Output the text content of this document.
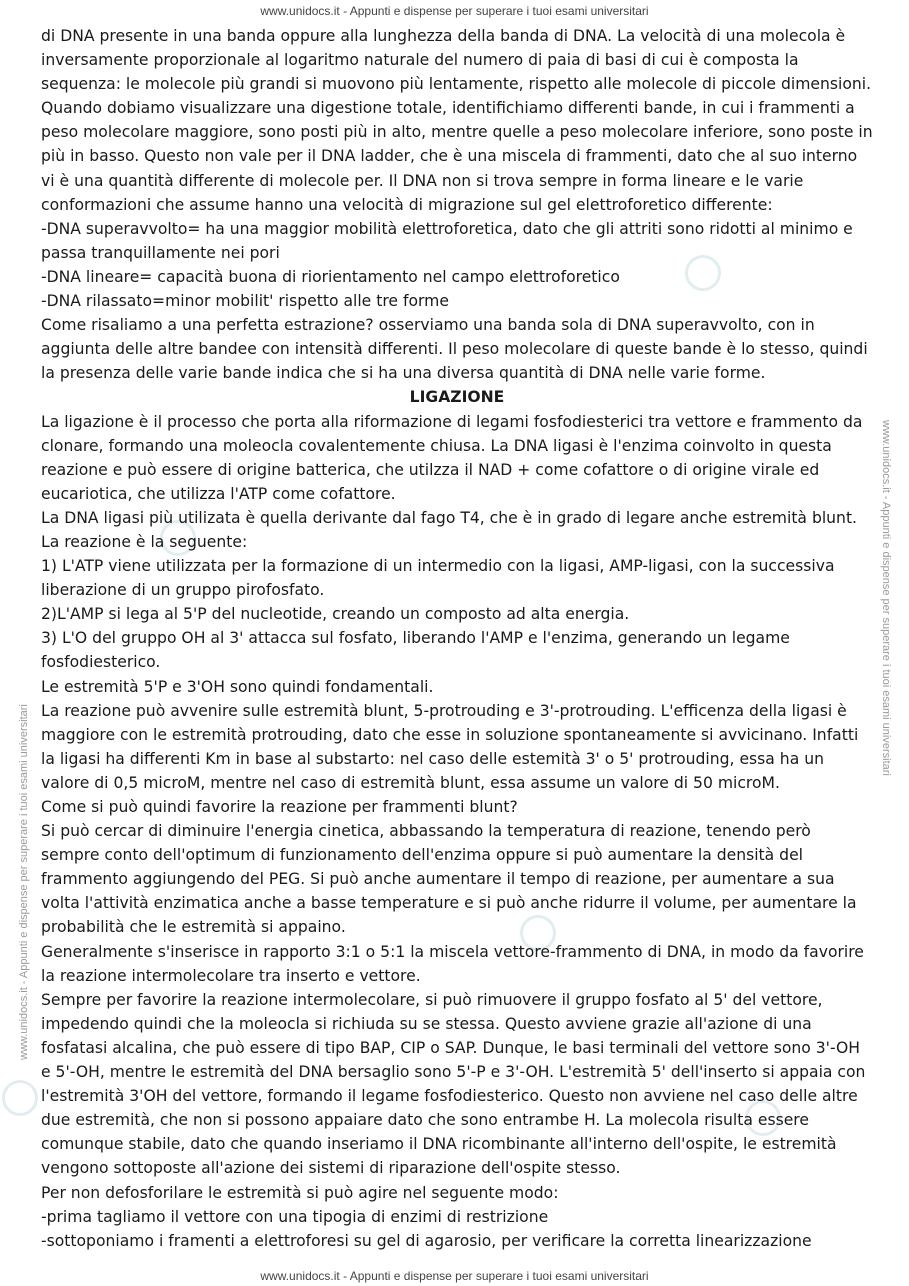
www.unidocs.it - Appunti e dispense per superare i tuoi esami universitari
www.unidocs.it - Appunti e dispense per superare i tuoi esami universitari
www.unidocs.it - Appunti e dispense per superare i tuoi esami universitari

di DNA presente in una banda oppure alla lunghezza della banda di DNA. La velocità di una molecola è inversamente proporzionale al logaritmo naturale del numero di paia di basi di cui è composta la sequenza: le molecole più grandi si muovono più lentamente, rispetto alle molecole di piccole dimensioni. Quando dobiamo visualizzare una digestione totale, identifichiamo differenti bande, in cui i frammenti a peso molecolare maggiore, sono posti più in alto, mentre quelle a peso molecolare inferiore, sono poste in più in basso. Questo non vale per il DNA ladder, che è una miscela di frammenti, dato che al suo interno vi è una quantità differente di molecole per. Il DNA non si trova sempre in forma lineare e le varie conformazioni che assume hanno una velocità di migrazione sul gel elettroforetico differente:

-DNA superavvolto= ha una maggior mobilità elettroforetica, dato che gli attriti sono ridotti al minimo e passa tranquillamente nei pori

-DNA lineare= capacità buona di riorientamento nel campo elettroforetico

-DNA rilassato=minor mobilit' rispetto alle tre forme

Come risaliamo a una perfetta estrazione? osserviamo una banda sola di DNA superavvolto, con in aggiunta delle altre bandee con intensità differenti. Il peso molecolare di queste bande è lo stesso, quindi la presenza delle varie bande indica che si ha una diversa quantità di DNA nelle varie forme.

LIGAZIONE

La ligazione è il processo che porta alla riformazione di legami fosfodiesterici tra vettore e frammento da clonare, formando una moleocla covalentemente chiusa. La DNA ligasi è l'enzima coinvolto in questa reazione e può essere di origine batterica, che utilzza il NAD + come cofattore o di origine virale ed eucariotica, che utilizza l'ATP come cofattore.

La DNA ligasi più utilizata è quella derivante dal fago T4, che è in grado di legare anche estremità blunt.

La reazione è la seguente:

1) L'ATP viene utilizzata per la formazione di un intermedio con la ligasi, AMP-ligasi, con la successiva liberazione di un gruppo pirofosfato.

2)L'AMP si lega al 5'P del nucleotide, creando un composto ad alta energia.

3) L'O del gruppo OH al 3' attacca sul fosfato, liberando l'AMP e l'enzima, generando un legame fosfodiesterico.

Le estremità 5'P e 3'OH sono quindi fondamentali.

La reazione può avvenire sulle estremità blunt, 5-protrouding e 3'-protrouding. L'efficenza della ligasi è maggiore con le estremità protrouding, dato che esse in soluzione spontaneamente si avvicinano. Infatti la ligasi ha differenti Km in base al substarto: nel caso delle estemità 3' o 5' protrouding, essa ha un valore di 0,5 microM, mentre nel caso di estremità blunt, essa assume un valore di 50 microM.

Come si può quindi favorire la reazione per frammenti blunt?

Si può cercar di diminuire l'energia cinetica, abbassando la temperatura di reazione, tenendo però sempre conto dell'optimum di funzionamento dell'enzima oppure si può aumentare la densità del frammento aggiungendo del PEG. Si può anche aumentare il tempo di reazione, per aumentare a sua volta l'attività enzimatica anche a basse temperature e si può anche ridurre il volume, per aumentare la probabilità che le estremità si appaino.

Generalmente s'inserisce in rapporto 3:1 o 5:1 la miscela vettore-frammento di DNA, in modo da favorire la reazione intermolecolare tra inserto e vettore.

Sempre per favorire la reazione intermolecolare, si può rimuovere il gruppo fosfato al 5' del vettore, impedendo quindi che la moleocla si richiuda su se stessa. Questo avviene grazie all'azione di una fosfatasi alcalina, che può essere di tipo BAP, CIP o SAP. Dunque, le basi terminali del vettore sono 3'-OH e 5'-OH, mentre le estremità del DNA bersaglio sono 5'-P e 3'-OH. L'estremità 5' dell'inserto si appaia con l'estremità 3'OH del vettore, formando il legame fosfodiesterico. Questo non avviene nel caso delle altre due estremità, che non si possono appaiare dato che sono entrambe H. La molecola risulta essere comunque stabile, dato che quando inseriamo il DNA ricombinante all'interno dell'ospite, le estremità vengono sottoposte all'azione dei sistemi di riparazione dell'ospite stesso.

Per non defosforilare le estremità si può agire nel seguente modo:

-prima tagliamo il vettore con una tipogia di enzimi di restrizione

-sottoponiamo i framenti a elettroforesi su gel di agarosio, per verificare la corretta linearizzazione

www.unidocs.it - Appunti e dispense per superare i tuoi esami universitari
